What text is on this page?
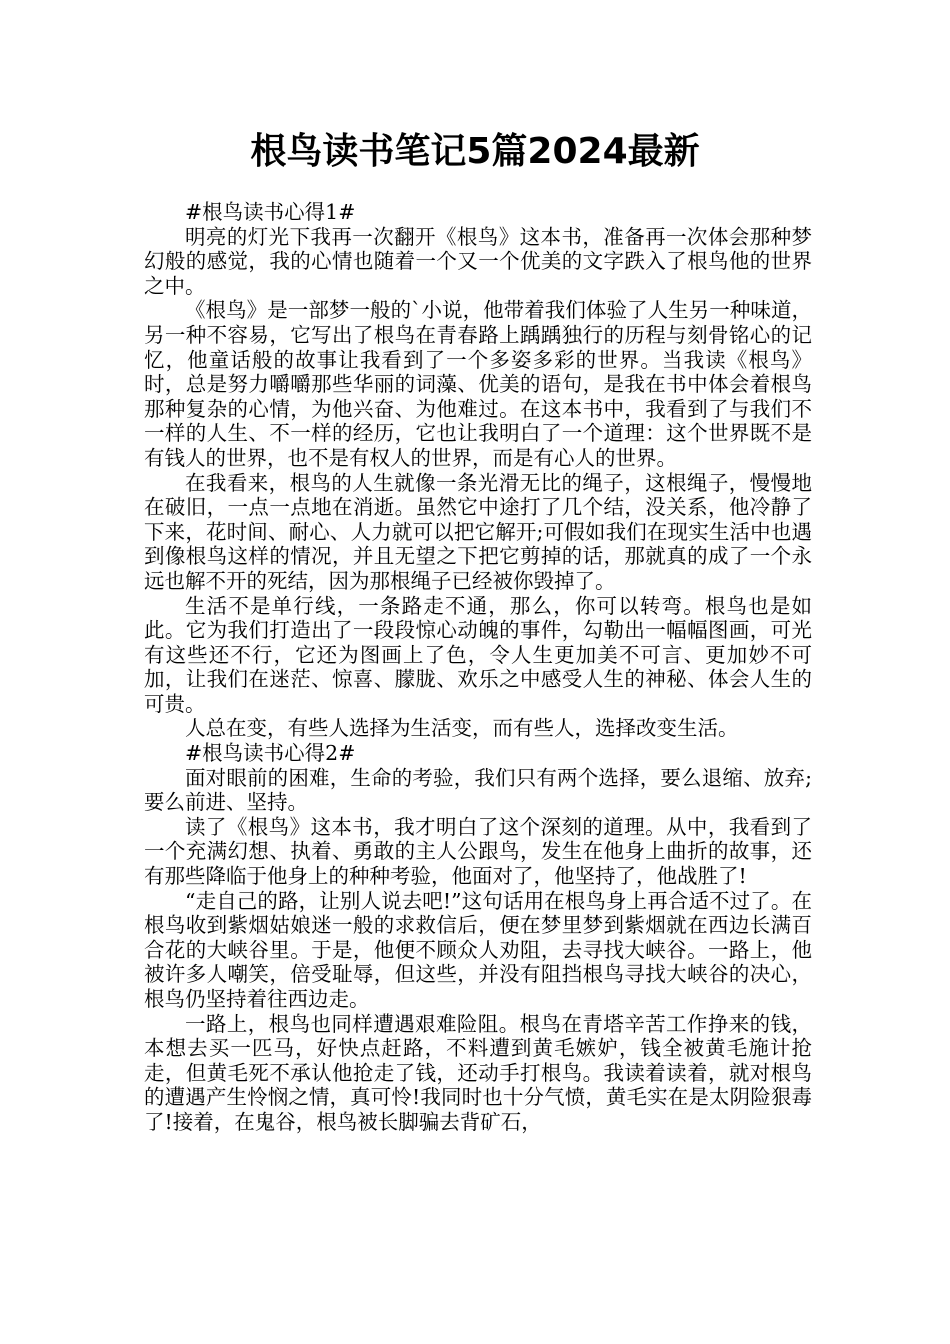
根鸟读书笔记5篇2024最新

#根鸟读书心得1#

明亮的灯光下我再一次翻开《根鸟》这本书，准备再一次体会那种梦幻般的感觉，我的心情也随着一个又一个优美的文字跌入了根鸟他的世界之中。

《根鸟》是一部梦一般的`小说，他带着我们体验了人生另一种味道，另一种不容易，它写出了根鸟在青春路上踽踽独行的历程与刻骨铭心的记忆，他童话般的故事让我看到了一个多姿多彩的世界。当我读《根鸟》时，总是努力嚼嚼那些华丽的词藻、优美的语句，是我在书中体会着根鸟那种复杂的心情，为他兴奋、为他难过。在这本书中，我看到了与我们不一样的人生、不一样的经历，它也让我明白了一个道理：这个世界既不是有钱人的世界，也不是有权人的世界，而是有心人的世界。

在我看来，根鸟的人生就像一条光滑无比的绳子，这根绳子，慢慢地在破旧，一点一点地在消逝。虽然它中途打了几个结，没关系，他冷静了下来，花时间、耐心、人力就可以把它解开;可假如我们在现实生活中也遇到像根鸟这样的情况，并且无望之下把它剪掉的话，那就真的成了一个永远也解不开的死结，因为那根绳子已经被你毁掉了。

生活不是单行线，一条路走不通，那么，你可以转弯。根鸟也是如此。它为我们打造出了一段段惊心动魄的事件，勾勒出一幅幅图画，可光有这些还不行，它还为图画上了色，令人生更加美不可言、更加妙不可加，让我们在迷茫、惊喜、朦胧、欢乐之中感受人生的神秘、体会人生的可贵。

人总在变，有些人选择为生活变，而有些人，选择改变生活。

#根鸟读书心得2#

面对眼前的困难，生命的考验，我们只有两个选择，要么退缩、放弃;要么前进、坚持。

读了《根鸟》这本书，我才明白了这个深刻的道理。从中，我看到了一个充满幻想、执着、勇敢的主人公跟鸟，发生在他身上曲折的故事，还有那些降临于他身上的种种考验，他面对了，他坚持了，他战胜了!

“走自己的路，让别人说去吧!”这句话用在根鸟身上再合适不过了。在根鸟收到紫烟姑娘迷一般的求救信后，便在梦里梦到紫烟就在西边长满百合花的大峡谷里。于是，他便不顾众人劝阻，去寻找大峡谷。一路上，他被许多人嘲笑，倍受耻辱，但这些，并没有阻挡根鸟寻找大峡谷的决心，根鸟仍坚持着往西边走。

一路上，根鸟也同样遭遇艰难险阻。根鸟在青塔辛苦工作挣来的钱，本想去买一匹马，好快点赶路，不料遭到黄毛嫉妒，钱全被黄毛施计抢走，但黄毛死不承认他抢走了钱，还动手打根鸟。我读着读着，就对根鸟的遭遇产生怜悯之情，真可怜!我同时也十分气愤，黄毛实在是太阴险狠毒了!接着，在鬼谷，根鸟被长脚骗去背矿石，
